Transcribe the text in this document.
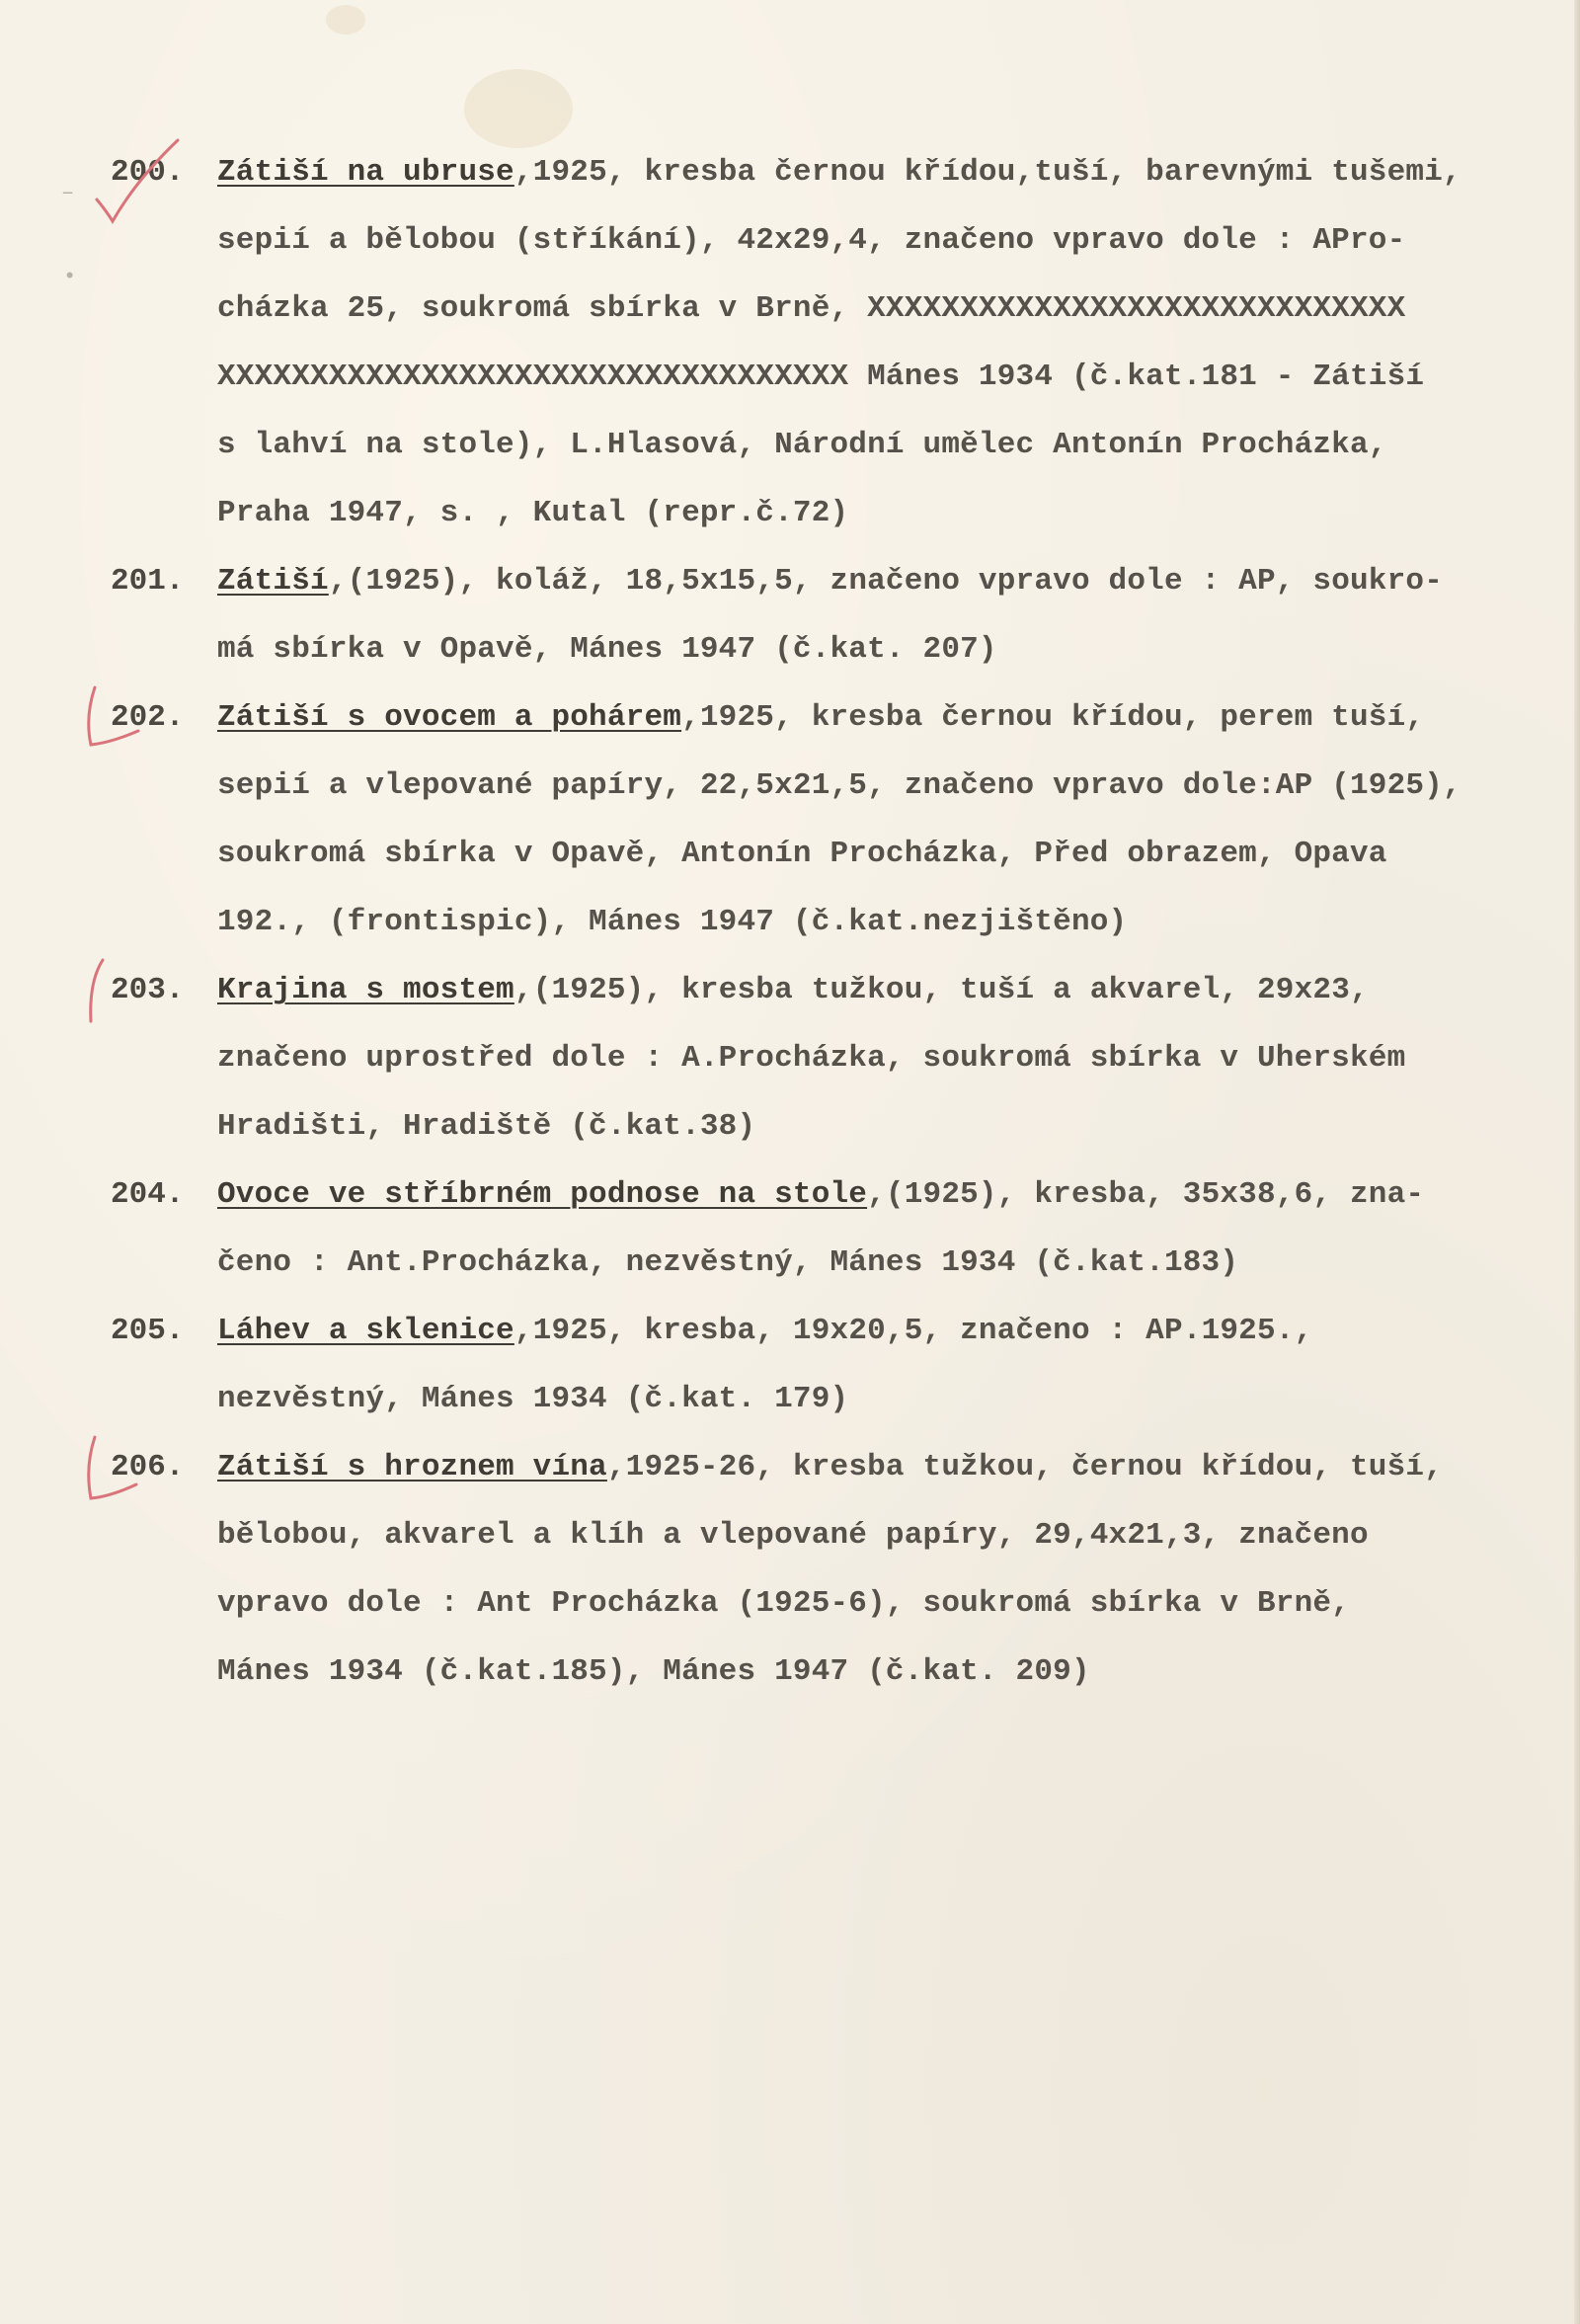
–
•
200.	Zátiší na ubruse,1925, kresba černou křídou,tuší, barevnými tušemi,
sepií a bělobou (stříkání), 42x29,4, značeno vpravo dole : APro-
cházka 25, soukromá sbírka v Brně, XXXXXXXXXXXXXXXXXXXXXXXXXXXXX
XXXXXXXXXXXXXXXXXXXXXXXXXXXXXXXXXX Mánes 1934 (č.kat.181 - Zátiší
s lahví na stole), L.Hlasová, Národní umělec Antonín Procházka,
Praha 1947, s. , Kutal (repr.č.72)
201.	Zátiší,(1925), koláž, 18,5x15,5, značeno vpravo dole : AP, soukro-
má sbírka v Opavě, Mánes 1947 (č.kat. 207)
202.	Zátiší s ovocem a pohárem,1925, kresba černou křídou, perem tuší,
sepií a vlepované papíry, 22,5x21,5, značeno vpravo dole:AP (1925),
soukromá sbírka v Opavě, Antonín Procházka, Před obrazem, Opava
192., (frontispic), Mánes 1947 (č.kat.nezjištěno)
203.	Krajina s mostem,(1925), kresba tužkou, tuší a akvarel, 29x23,
značeno uprostřed dole : A.Procházka, soukromá sbírka v Uherském
Hradišti, Hradiště (č.kat.38)
204.	Ovoce ve stříbrném podnose na stole,(1925), kresba, 35x38,6, zna-
čeno : Ant.Procházka, nezvěstný, Mánes 1934 (č.kat.183)
205.	Láhev a sklenice,1925, kresba, 19x20,5, značeno : AP.1925.,
nezvěstný, Mánes 1934 (č.kat. 179)
206.	Zátiší s hroznem vína,1925-26, kresba tužkou, černou křídou, tuší,
bělobou, akvarel a klíh a vlepované papíry, 29,4x21,3, značeno
vpravo dole : Ant Procházka (1925-6), soukromá sbírka v Brně,
Mánes 1934 (č.kat.185), Mánes 1947 (č.kat. 209)
